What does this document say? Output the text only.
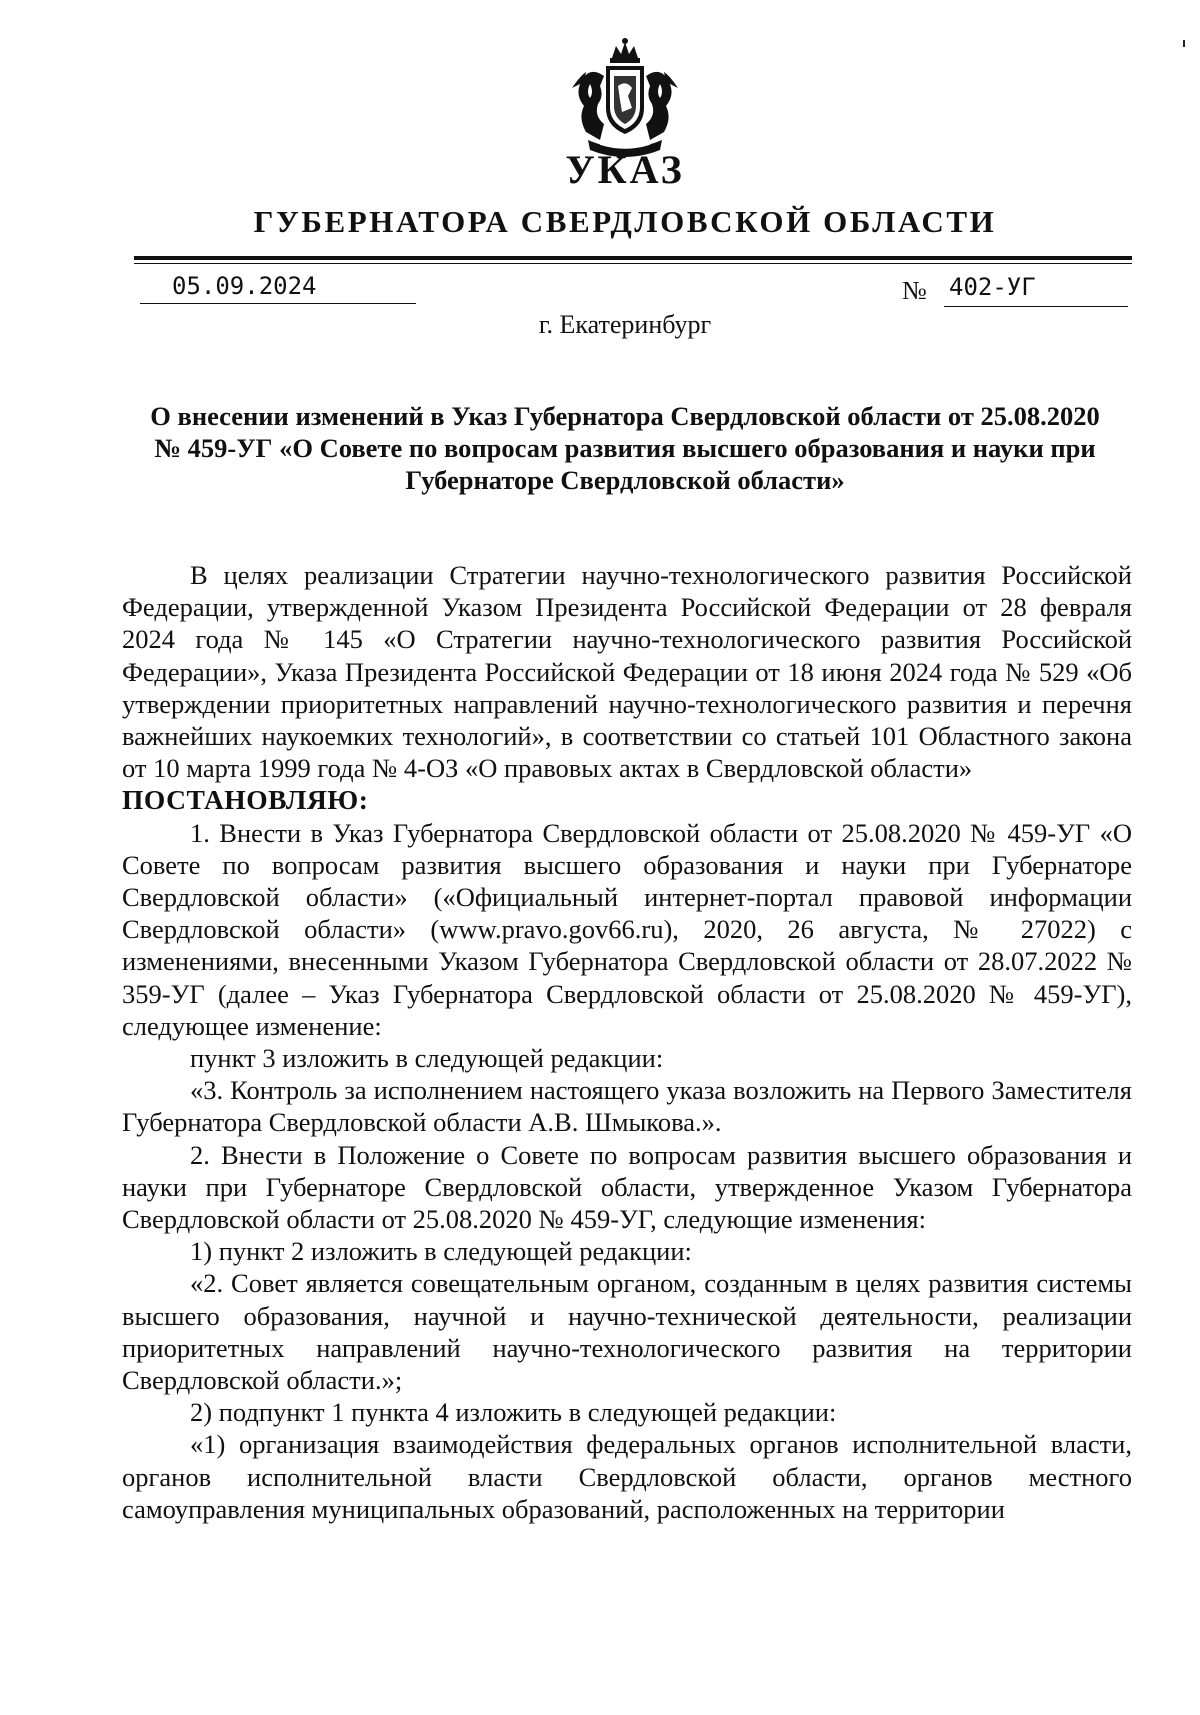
УКАЗ
ГУБЕРНАТОРА СВЕРДЛОВСКОЙ ОБЛАСТИ
05.09.2024	№ 402-УГ
г. Екатеринбург
О внесении изменений в Указ Губернатора Свердловской области от 25.08.2020 № 459-УГ «О Совете по вопросам развития высшего образования и науки при Губернаторе Свердловской области»

В целях реализации Стратегии научно-технологического развития Российской Федерации, утвержденной Указом Президента Российской Федерации от 28 февраля 2024 года № 145 «О Стратегии научно-технологического развития Российской Федерации», Указа Президента Российской Федерации от 18 июня 2024 года № 529 «Об утверждении приоритетных направлений научно-технологического развития и перечня важнейших наукоемких технологий», в соответствии со статьей 101 Областного закона от 10 марта 1999 года № 4-ОЗ «О правовых актах в Свердловской области»

ПОСТАНОВЛЯЮ:

1. Внести в Указ Губернатора Свердловской области от 25.08.2020 № 459-УГ «О Совете по вопросам развития высшего образования и науки при Губернаторе Свердловской области» («Официальный интернет-портал правовой информации Свердловской области» (www.pravo.gov66.ru), 2020, 26 августа, № 27022) с изменениями, внесенными Указом Губернатора Свердловской области от 28.07.2022 № 359-УГ (далее – Указ Губернатора Свердловской области от 25.08.2020 № 459-УГ), следующее изменение:

пункт 3 изложить в следующей редакции:

«3. Контроль за исполнением настоящего указа возложить на Первого Заместителя Губернатора Свердловской области А.В. Шмыкова.».

2. Внести в Положение о Совете по вопросам развития высшего образования и науки при Губернаторе Свердловской области, утвержденное Указом Губернатора Свердловской области от 25.08.2020 № 459-УГ, следующие изменения:

1) пункт 2 изложить в следующей редакции:

«2. Совет является совещательным органом, созданным в целях развития системы высшего образования, научной и научно-технической деятельности, реализации приоритетных направлений научно-технологического развития на территории Свердловской области.»;

2) подпункт 1 пункта 4 изложить в следующей редакции:

«1) организация взаимодействия федеральных органов исполнительной власти, органов исполнительной власти Свердловской области, органов местного самоуправления муниципальных образований, расположенных на территории
